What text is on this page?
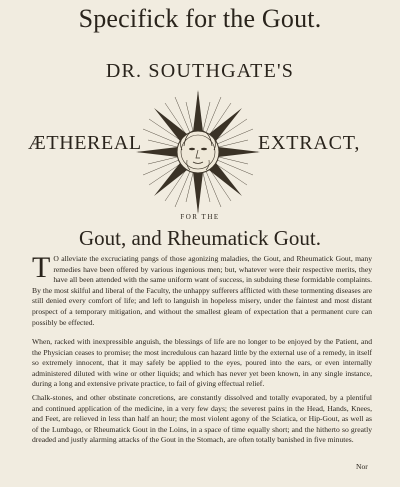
Specifick for the Gout.
DR. SOUTHGATE'S
ÆTHEREAL	EXTRACT,
FOR THE
Gout, and Rheumatick Gout.
T O alleviate the excruciating pangs of those agonizing maladies, the Gout, and Rheumatick Gout, many remedies have been offered by various ingenious men; but, whatever were their respective merits, they have all been attended with the same uniform want of success, in subduing these formidable complaints. By the most skilful and liberal of the Faculty, the unhappy sufferers afflicted with these tormenting diseases are still denied every comfort of life; and left to languish in hopeless misery, under the faintest and most distant prospect of a temporary mitigation, and without the smallest gleam of expectation that a permanent cure can possibly be effected.
When, racked with inexpressible anguish, the blessings of life are no longer to be enjoyed by the Patient, and the Physician ceases to promise; the most incredulous can hazard little by the external use of a remedy, in itself so extremely innocent, that it may safely be applied to the eyes, poured into the ears, or even internally administered diluted with wine or other liquids; and which has never yet been known, in any single instance, during a long and extensive private practice, to fail of giving effectual relief.
Chalk-stones, and other obstinate concretions, are constantly dissolved and totally evaporated, by a plentiful and continued application of the medicine, in a very few days; the severest pains in the Head, Hands, Knees, and Feet, are relieved in less than half an hour; the most violent agony of the Sciatica, or Hip-Gout, as well as of the Lumbago, or Rheumatick Gout in the Loins, in a space of time equally short; and the hitherto so greatly dreaded and justly alarming attacks of the Gout in the Stomach, are often totally banished in five minutes.
Nor
